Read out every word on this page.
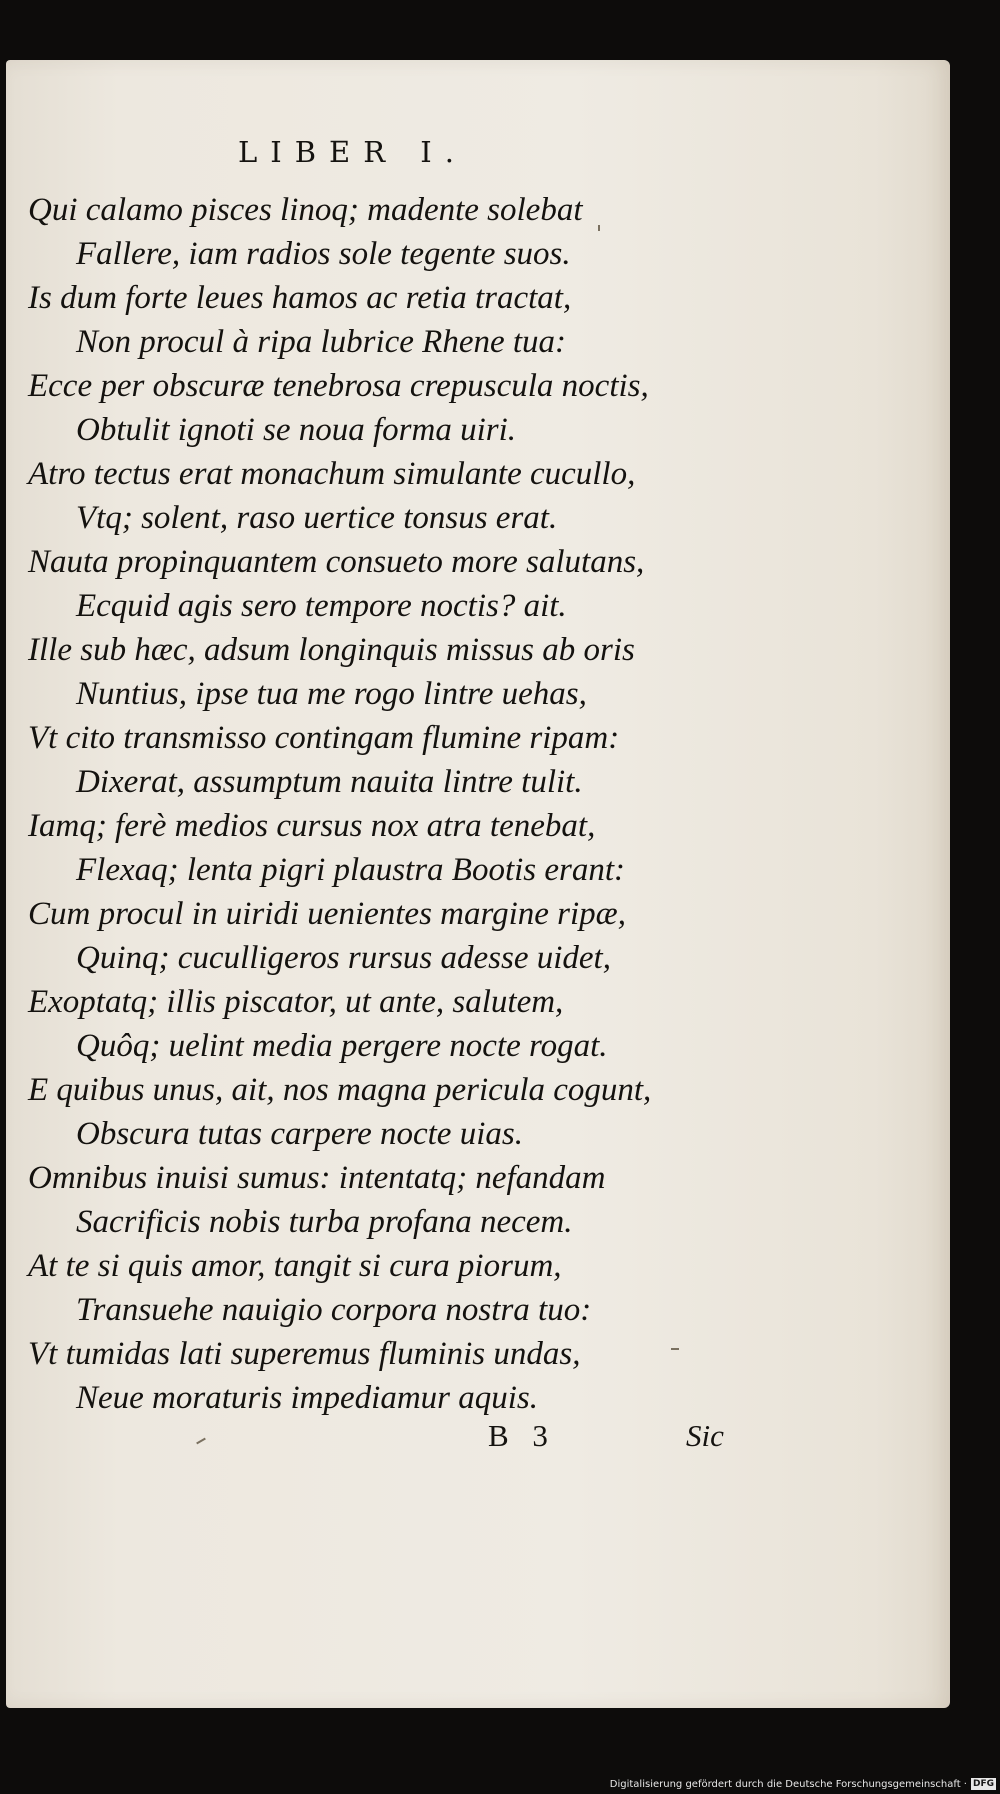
LIBER I.
Qui calamo pisces linoq; madente solebat
Fallere, iam radios sole tegente suos.
Is dum forte leues hamos ac retia tractat,
Non procul à ripa lubrice Rhene tua:
Ecce per obscuræ tenebrosa crepuscula noctis,
Obtulit ignoti se noua forma uiri.
Atro tectus erat monachum simulante cucullo,
Vtq; solent, raso uertice tonsus erat.
Nauta propinquantem consueto more salutans,
Ecquid agis sero tempore noctis? ait.
Ille sub hæc, adsum longinquis missus ab oris
Nuntius, ipse tua me rogo lintre uehas,
Vt cito transmisso contingam flumine ripam:
Dixerat, assumptum nauita lintre tulit.
Iamq; ferè medios cursus nox atra tenebat,
Flexaq; lenta pigri plaustra Bootis erant:
Cum procul in uiridi uenientes margine ripæ,
Quinq; cuculligeros rursus adesse uidet,
Exoptatq; illis piscator, ut ante, salutem,
Quôq; uelint media pergere nocte rogat.
E quibus unus, ait, nos magna pericula cogunt,
Obscura tutas carpere nocte uias.
Omnibus inuisi sumus: intentatq; nefandam
Sacrificis nobis turba profana necem.
At te si quis amor, tangit si cura piorum,
Transuehe nauigio corpora nostra tuo:
Vt tumidas lati superemus fluminis undas,
Neue moraturis impediamur aquis.
B 3	Sic
Digitalisierung gefördert durch die Deutsche Forschungsgemeinschaft · DFG
